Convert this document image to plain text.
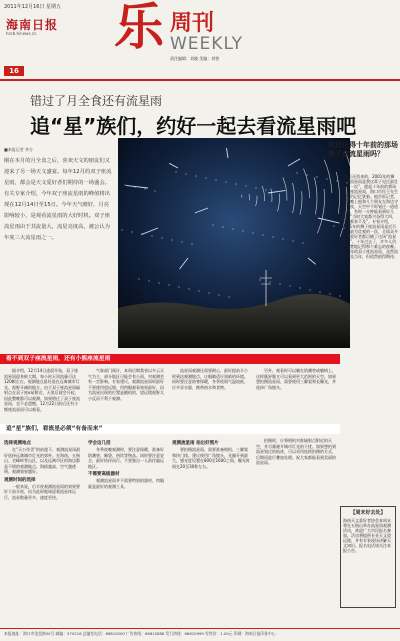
2011年12月16日 星期五
海南日报
hnrb.hinews.cn 乐 周刊
WEEKLY
责任编辑：刘晓 美编：刘曾
16
错过了月全食还有流星雨
追“星”族们，约好一起去看流星雨吧
■本报记者 李方
刚在本月的月全食之后，喜欢天文的朋友们又迎来了另一场天文盛宴。每年12月的双子座流星雨，都会是天文爱好者们期待的一场盛会。有关专家介绍，今年双子座流星雨的峰值将出现在12月14日至15日。今年天气晴好，月亮影响较小，是观看流星雨的大好时机。双子座流星雨由于其流量大，流星亮度高，被公认为年度三大流星雨之一。
你还记得十年前的那场狮子座流星雨吗？
“那天还找来的，2001年的狮子座流星雨是我这辈子见过最壮观的一次”，提起十年前的那场狮子座流星雨，海口市民王先生至今仍记忆犹新。他告诉记者，那天晚上他和几个朋友在海边守了一夜，天空中不时划过一道道亮光，有时一分钟能看到好几颗。“当时大家都兴奋得大叫，许愿都来不及”。专家介绍，2001年的狮子座流星雨是近百年来最为壮观的一次，全球众多天文爱好者都目睹了这场“流星暴雨”。十年过去了，许多人仍然清楚地记得那个难忘的夜晚。而今年的双子座流星雨，虽然流量不及当年，但依然值得期待。
看不到双子座流星雨，还有小熊座流星雨

据介绍，12月14日凌晨开始，双子座流星雨迎来极大期，每小时天顶流量可达120颗左右。观测地点最好选在远离城市灯光、视野开阔的地方。由于双子座流星雨辐射点在双子座α星附近，天黑后就会升起，因此整晚都可以观测。如果错过了双子座流星雨，也不必遗憾，12月22日前后还有小熊座流星雨可以观看。

气象部门预计，本周后期我省以多云天气为主，部分地区可能会有小雨，对观测会有一定影响。专家建议，观测流星雨时最好不要使用望远镜，用肉眼观看效果最好，因为流星出现的位置是随机的，望远镜视野太小反而不利于观测。

流星雨观测还需要耐心，最好提前半小时到达观测地点，让眼睛适应黑暗的环境。同时要注意防寒保暖，冬季夜间气温较低，应多穿衣服，携带热水和食物。

另外，观看时可以躺在防潮垫或躺椅上，这样既舒服又可以看到更大范围的天空。如果想拍摄流星雨，需要使用三脚架和长曝光，并选择广角镜头。

追“星”族们，看流星必须“有备而来”
选择观测地点

在“天公作美”的前提下，观测流星雨最好选择远离城市灯光的郊外。在海南，五指山、尖峰岭等山区，以及远离市区的海边都是不错的观测地点。海拔越高、空气越透明，观测效果越好。

观测时间的选择

一般来说，后半夜观测流星雨的效果要好于前半夜，因为此时地球迎着流星体运行，流星数量更多、速度更快。

学会这几招

冬季夜晚观测时，要注意保暖，准备好防潮垫、睡袋、热饮等物品。同时要注意安全，最好结伴而行，不要独自一人前往偏远地区。

不需要高级器材

观测流星雨并不需要特别的器材，肉眼就是最好的观测工具。

观测流星雨 拍出好照片

要拍摄流星雨，需要准备相机、三脚架和快门线。建议使用广角镜头，光圈开到最大，感光度设置在800至1600之间，曝光时间在20至30秒左右。

拍摄时，应将相机对准辐射点附近的天空，并尽量避开城市灯光的干扰。如果想拍到流星划过的轨迹，可以采用连续拍摄的方式，后期再进行叠加处理。祝大家都能看到美丽的流星雨。

【周末好去处】
海南天文爱好者协会本周末将在五指山举办流星雨观测活动，欢迎广大市民报名参加。活动将提供专业天文望远镜，并有专家现场讲解天文知识。报名电话请关注本报公告。
本报地址：海口市金盘路30号 邮编：570216 总编室电话：66810000 广告热线：66810888 发行热线：66810999 零售价：1.00元 印刷：海南日报印务中心
